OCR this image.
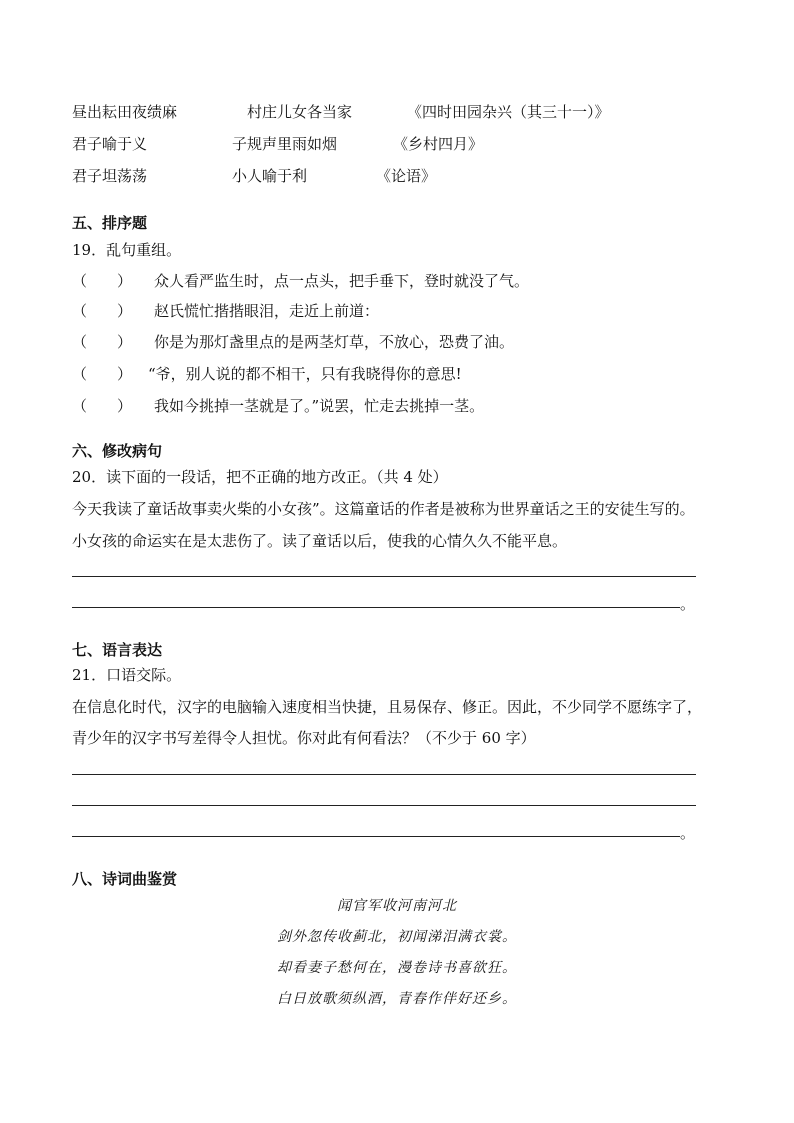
昼出耘田夜绩麻	村庄儿女各当家	《四时田园杂兴（其三十一）》
君子喻于义	子规声里雨如烟	《乡村四月》
君子坦荡荡	小人喻于利	《论语》
五、排序题
19．乱句重组。
（　　） 众人看严监生时，点一点头，把手垂下，登时就没了气。
（　　） 赵氏慌忙揩揩眼泪，走近上前道：
（　　） 你是为那灯盏里点的是两茎灯草，不放心，恐费了油。
（　　） “爷，别人说的都不相干，只有我晓得你的意思!
（　　） 我如今挑掉一茎就是了。”说罢，忙走去挑掉一茎。
六、修改病句
20．读下面的一段话，把不正确的地方改正。（共 4 处）
今天我读了童话故事卖火柴的小女孩”。这篇童话的作者是被称为世界童话之王的安徒生写的。
小女孩的命运实在是太悲伤了。读了童话以后，使我的心情久久不能平息。
。
七、语言表达
21．口语交际。
在信息化时代，汉字的电脑输入速度相当快捷，且易保存、修正。因此，不少同学不愿练字了，
青少年的汉字书写差得令人担忧。你对此有何看法？（不少于 60 字）
。
八、诗词曲鉴赏
闻官军收河南河北
剑外忽传收蓟北，初闻涕泪满衣裳。
却看妻子愁何在，漫卷诗书喜欲狂。
白日放歌须纵酒，青春作伴好还乡。
